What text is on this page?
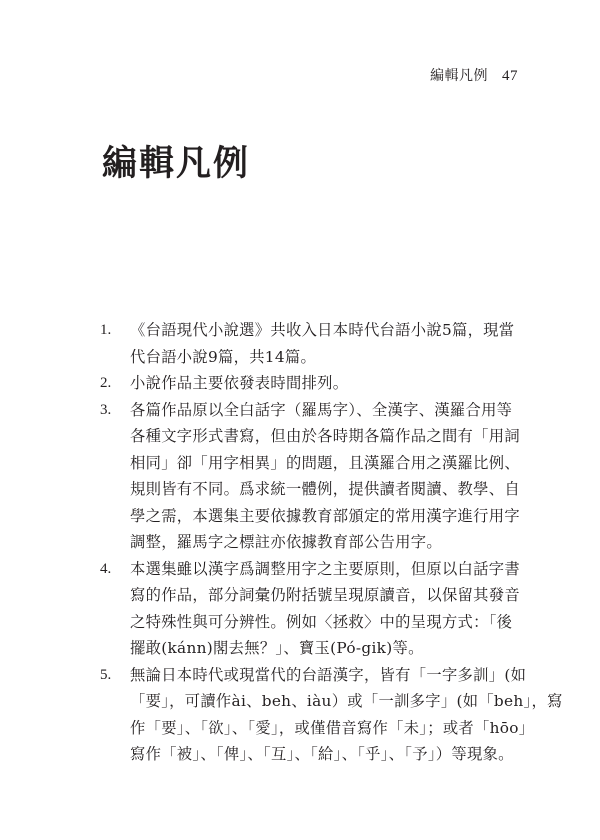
編輯凡例 47
編輯凡例
1.	《台語現代小說選》共收入日本時代台語小說5篇，現當
代台語小說9篇，共14篇。
2.	小說作品主要依發表時間排列。
3.	各篇作品原以全白話字（羅馬字）、全漢字、漢羅合用等
各種文字形式書寫，但由於各時期各篇作品之間有「用詞
相同」卻「用字相異」的問題，且漢羅合用之漢羅比例、
規則皆有不同。爲求統一體例，提供讀者閱讀、教學、自
學之需，本選集主要依據教育部頒定的常用漢字進行用字
調整，羅馬字之標註亦依據教育部公告用字。
4.	本選集雖以漢字爲調整用字之主要原則，但原以白話字書
寫的作品，部分詞彙仍附括號呈現原讀音，以保留其發音
之特殊性與可分辨性。例如〈拯救〉中的呈現方式：「後
擺敢(kánn)閣去無？」、寶玉(Pó-gik)等。
5.	無論日本時代或現當代的台語漢字，皆有「一字多訓」(如
「要」，可讀作ài、beh、iàu）或「一訓多字」(如「beh」，寫
作「要」、「欲」、「愛」，或僅借音寫作「未」；或者「hōo」
寫作「被」、「俾」、「互」、「給」、「乎」、「予」）等現象。
